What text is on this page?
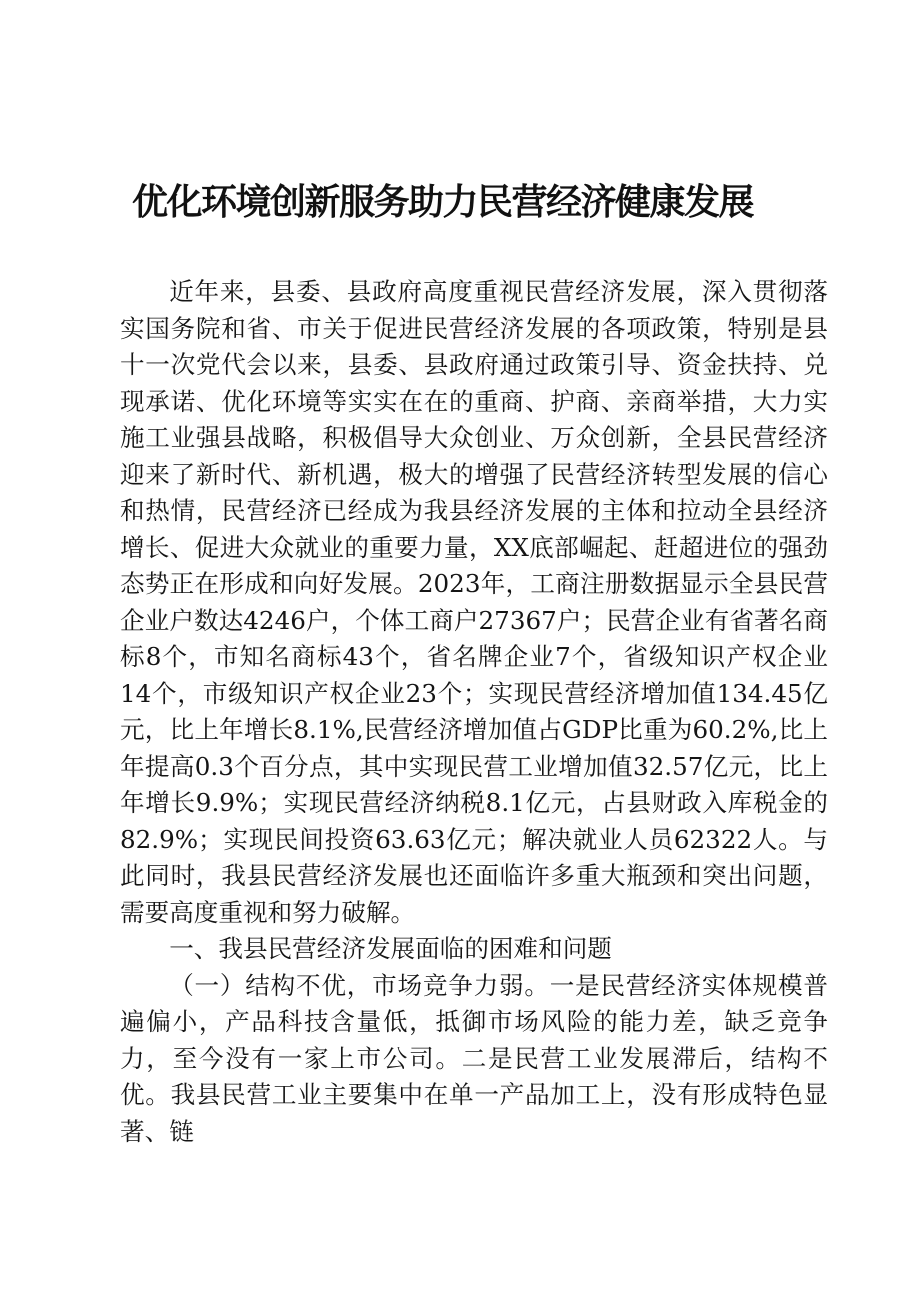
优化环境创新服务助力民营经济健康发展

近年来，县委、县政府高度重视民营经济发展，深入贯彻落实国务院和省、市关于促进民营经济发展的各项政策，特别是县十一次党代会以来，县委、县政府通过政策引导、资金扶持、兑现承诺、优化环境等实实在在的重商、护商、亲商举措，大力实施工业强县战略，积极倡导大众创业、万众创新，全县民营经济迎来了新时代、新机遇，极大的增强了民营经济转型发展的信心和热情，民营经济已经成为我县经济发展的主体和拉动全县经济增长、促进大众就业的重要力量，XX底部崛起、赶超进位的强劲态势正在形成和向好发展。2023年，工商注册数据显示全县民营企业户数达4246户，个体工商户27367户；民营企业有省著名商标8个，市知名商标43个，省名牌企业7个，省级知识产权企业14个，市级知识产权企业23个；实现民营经济增加值134.45亿元，比上年增长8.1%,民营经济增加值占GDP比重为60.2%,比上年提高0.3个百分点，其中实现民营工业增加值32.57亿元，比上年增长9.9%；实现民营经济纳税8.1亿元，占县财政入库税金的82.9%；实现民间投资63.63亿元；解决就业人员62322人。与此同时，我县民营经济发展也还面临许多重大瓶颈和突出问题，需要高度重视和努力破解。

一、我县民营经济发展面临的困难和问题

（一）结构不优，市场竞争力弱。一是民营经济实体规模普遍偏小，产品科技含量低，抵御市场风险的能力差，缺乏竞争力，至今没有一家上市公司。二是民营工业发展滞后，结构不优。我县民营工业主要集中在单一产品加工上，没有形成特色显著、链
